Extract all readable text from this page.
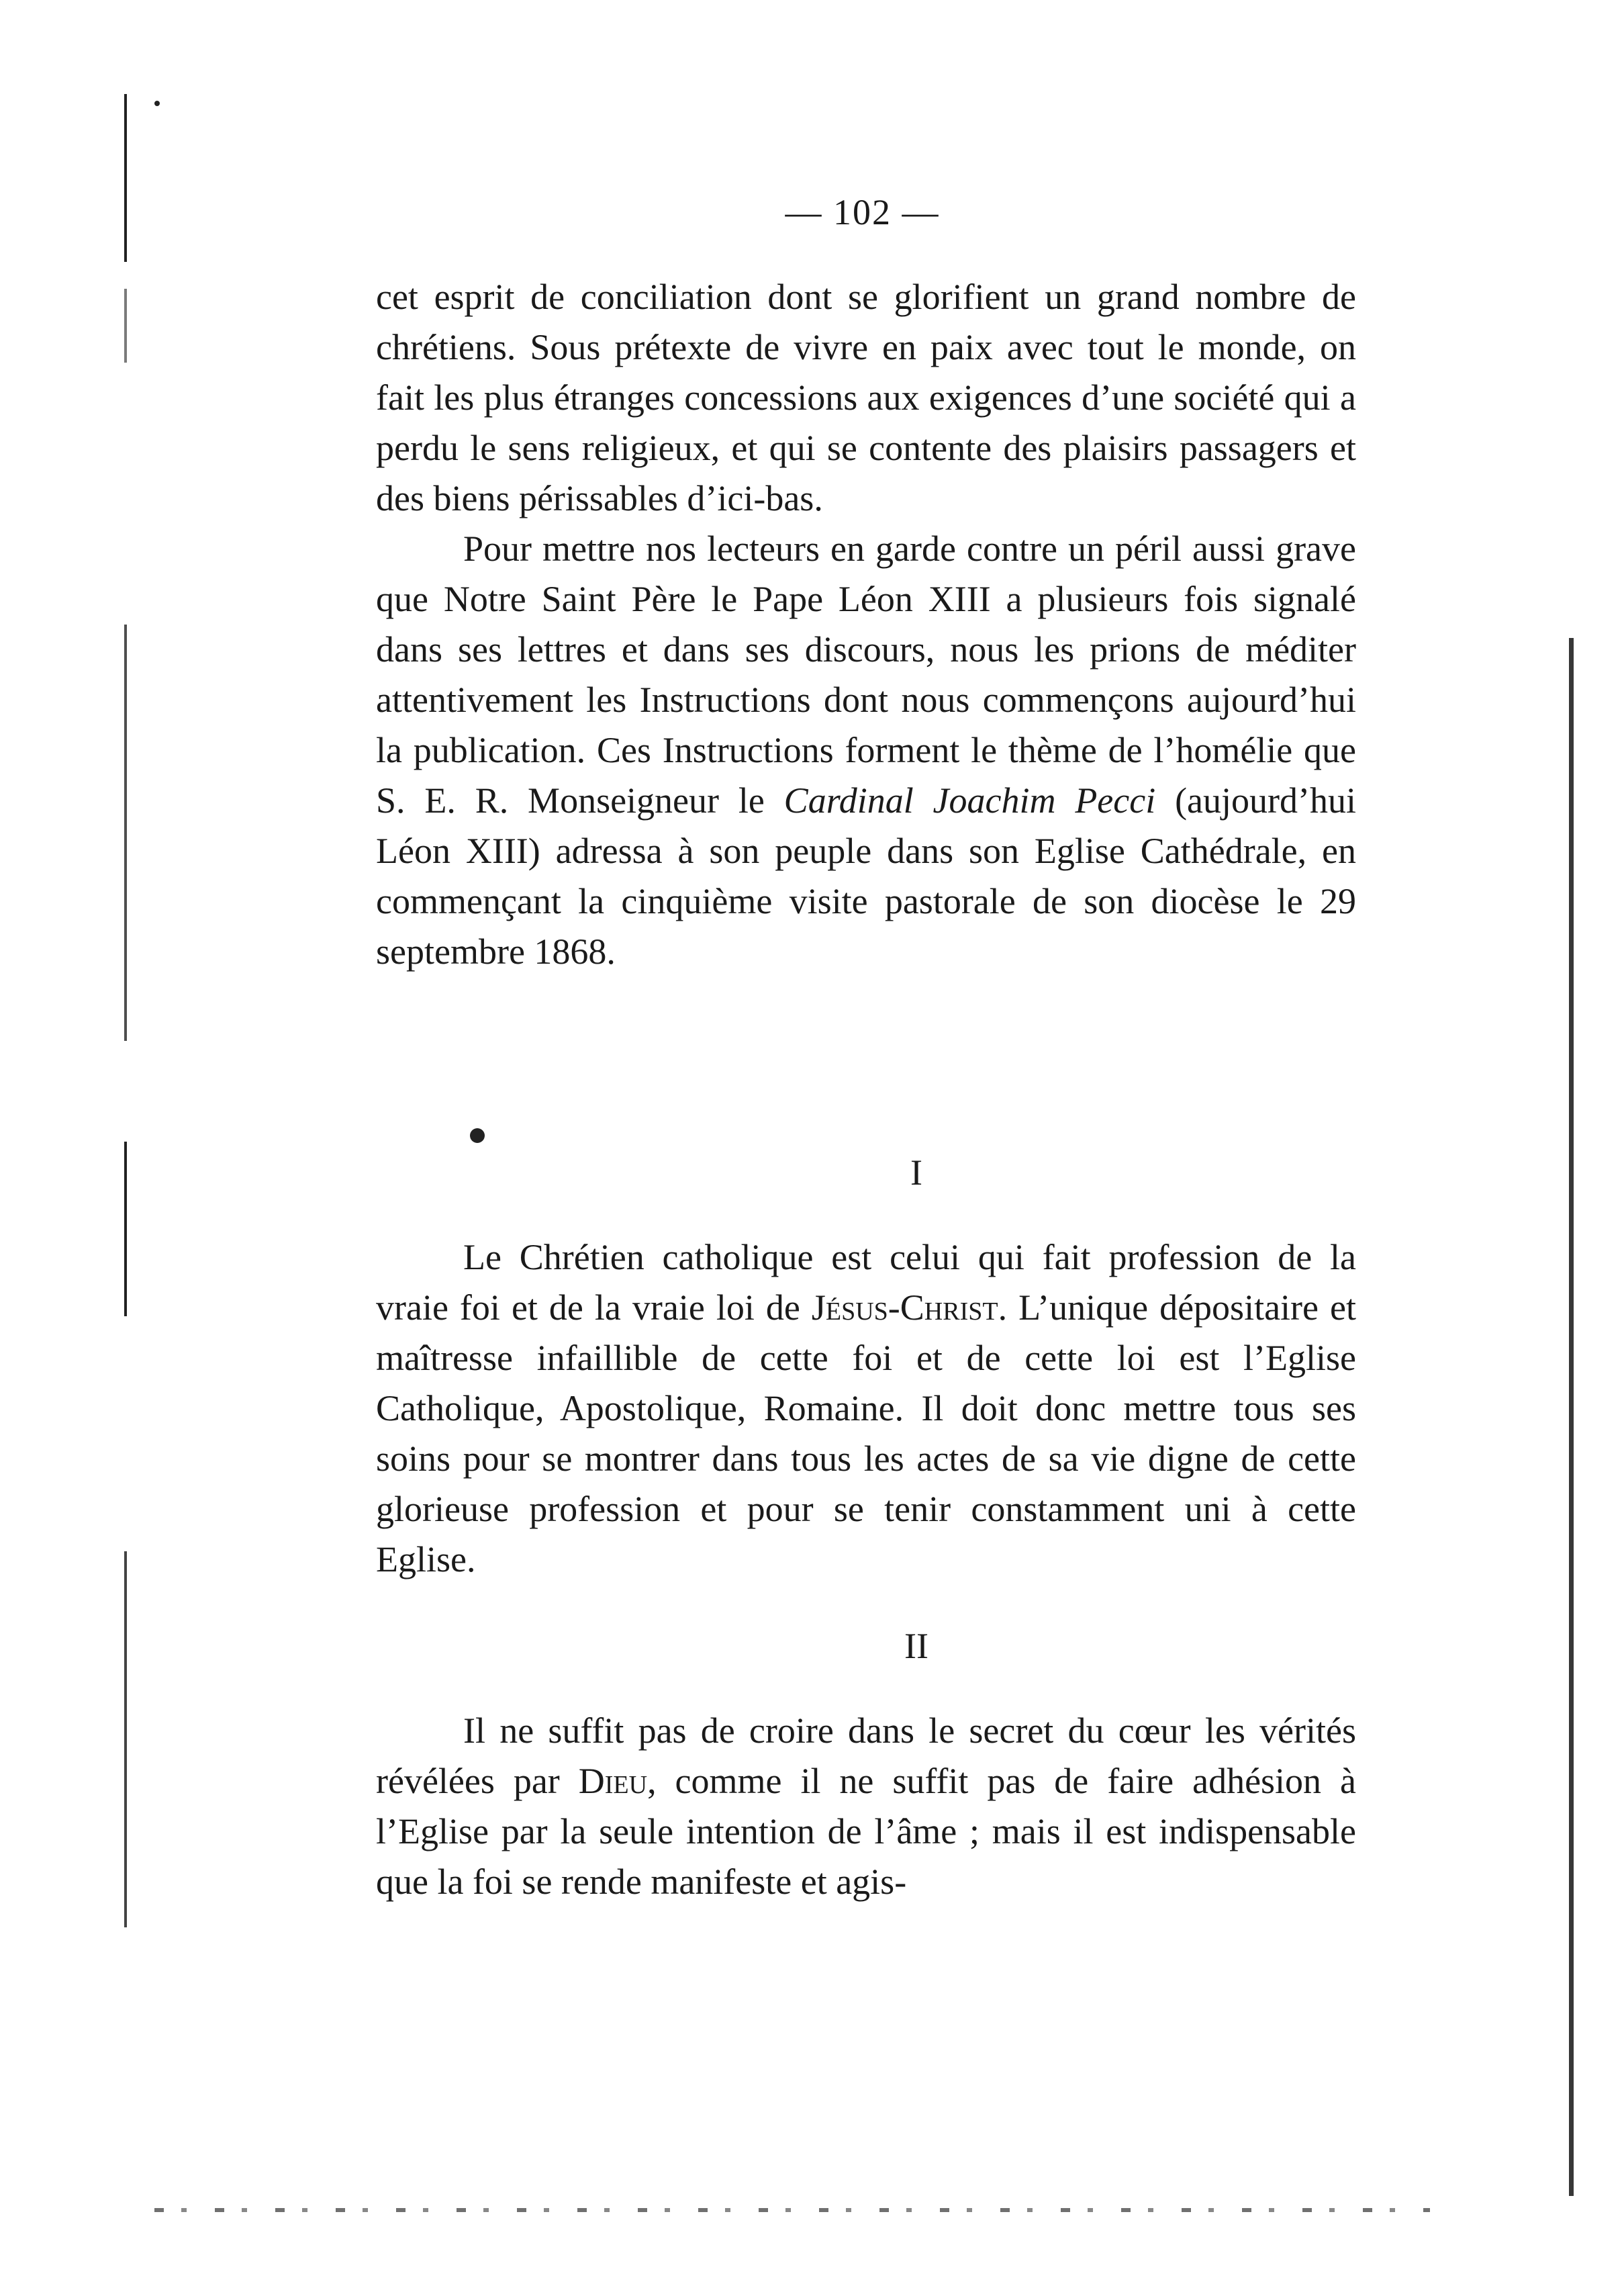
— 102 —

cet esprit de conciliation dont se glorifient un grand nombre de chrétiens. Sous prétexte de vivre en paix avec tout le monde, on fait les plus étranges concessions aux exigences d’une société qui a perdu le sens religieux, et qui se contente des plaisirs passagers et des biens périssables d’ici-bas.

Pour mettre nos lecteurs en garde contre un péril aussi grave que Notre Saint Père le Pape Léon XIII a plusieurs fois signalé dans ses lettres et dans ses discours, nous les prions de méditer attentivement les Instructions dont nous commençons aujourd’hui la publication. Ces Instructions forment le thème de l’homélie que S. E. R. Monseigneur le Cardinal Joachim Pecci (aujourd’hui Léon XIII) adressa à son peuple dans son Eglise Cathédrale, en commençant la cinquième visite pastorale de son diocèse le 29 septembre 1868.

I

Le Chrétien catholique est celui qui fait profession de la vraie foi et de la vraie loi de Jésus-Christ. L’unique dépositaire et maîtresse infaillible de cette foi et de cette loi est l’Eglise Catholique, Apostolique, Romaine. Il doit donc mettre tous ses soins pour se montrer dans tous les actes de sa vie digne de cette glorieuse profession et pour se tenir constamment uni à cette Eglise.

II

Il ne suffit pas de croire dans le secret du cœur les vérités révélées par Dieu, comme il ne suffit pas de faire adhésion à l’Eglise par la seule intention de l’âme ; mais il est indispensable que la foi se rende manifeste et agis-
